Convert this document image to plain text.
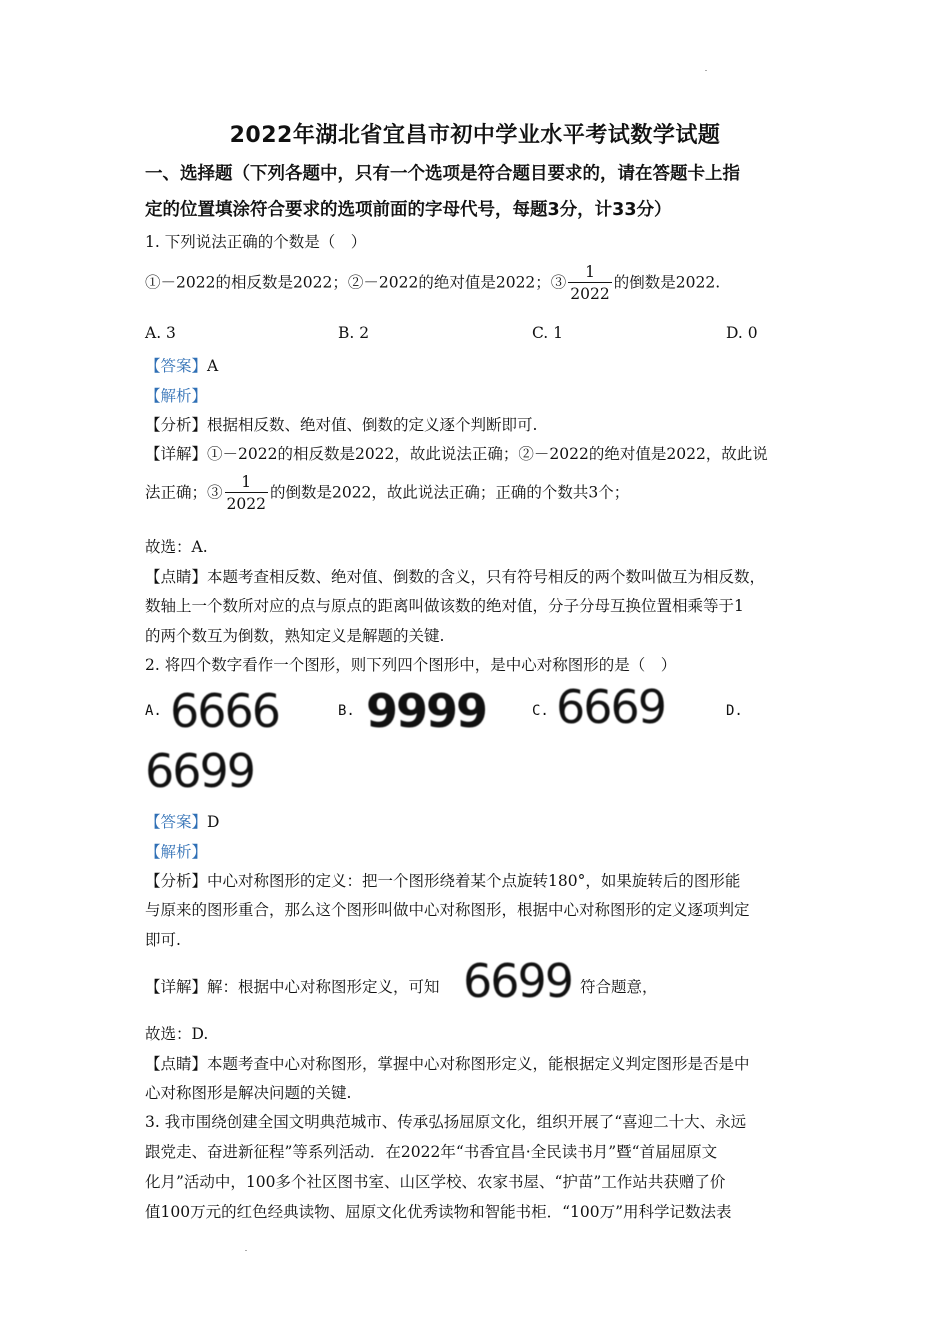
2022年湖北省宜昌市初中学业水平考试数学试题
一、选择题（下列各题中，只有一个选项是符合题目要求的，请在答题卡上指
定的位置填涂符合要求的选项前面的字母代号，每题3分，计33分）
1. 下列说法正确的个数是（　）
①－2022的相反数是2022；②－2022的绝对值是2022；③ $\frac{1}{2022}$ 的倒数是2022.
A. 3	B. 2	C. 1	D. 0
【答案】A
【解析】
【分析】根据相反数、绝对值、倒数的定义逐个判断即可.
【详解】①－2022的相反数是2022，故此说法正确；②－2022的绝对值是2022，故此说
法正确；③ $\frac{1}{2022}$ 的倒数是2022，故此说法正确；正确的个数共3个；
故选：A.
【点睛】本题考查相反数、绝对值、倒数的含义，只有符号相反的两个数叫做互为相反数，
数轴上一个数所对应的点与原点的距离叫做该数的绝对值，分子分母互换位置相乘等于1
的两个数互为倒数，熟知定义是解题的关键.
2. 将四个数字看作一个图形，则下列四个图形中，是中心对称图形的是（　）
A. 6666	B. 9999	C. 6669	D.
6699
【答案】D
【解析】
【分析】中心对称图形的定义：把一个图形绕着某个点旋转180°，如果旋转后的图形能
与原来的图形重合，那么这个图形叫做中心对称图形，根据中心对称图形的定义逐项判定
即可.
【详解】解：根据中心对称图形定义，可知 6699 符合题意，
故选：D.
【点睛】本题考查中心对称图形，掌握中心对称图形定义，能根据定义判定图形是否是中
心对称图形是解决问题的关键.
3. 我市围绕创建全国文明典范城市、传承弘扬屈原文化，组织开展了“喜迎二十大、永远
跟党走、奋进新征程”等系列活动．在2022年“书香宜昌·全民读书月”暨“首届屈原文
化月”活动中，100多个社区图书室、山区学校、农家书屋、“护苗”工作站共获赠了价
值100万元的红色经典读物、屈原文化优秀读物和智能书柜．“100万”用科学记数法表
